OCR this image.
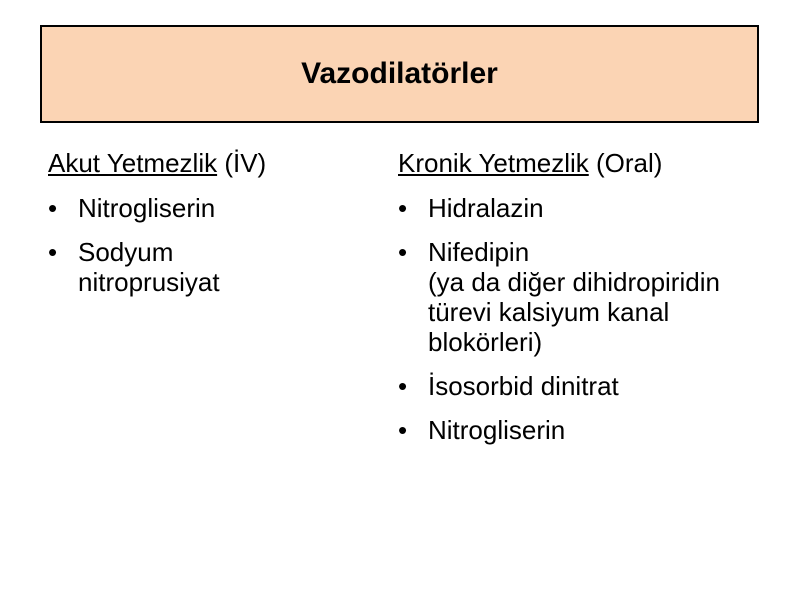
Vazodilatörler
Akut Yetmezlik (İV)
• Nitrogliserin
• Sodyum
nitroprusiyat
Kronik Yetmezlik (Oral)
• Hidralazin
• Nifedipin
(ya da diğer dihidropiridin
türevi kalsiyum kanal
blokörleri)
• İsosorbid dinitrat
• Nitrogliserin
